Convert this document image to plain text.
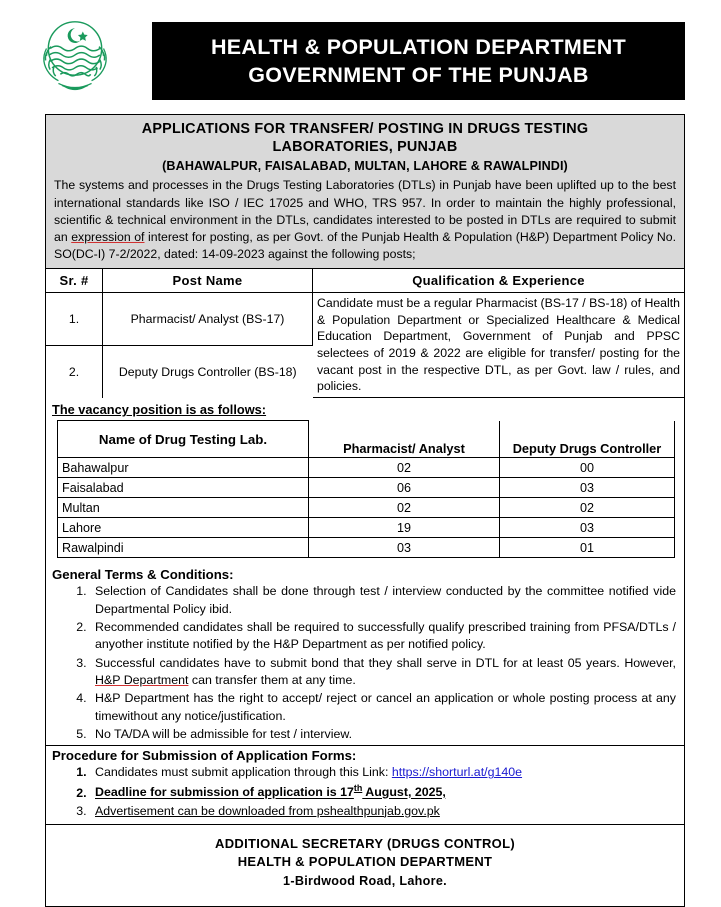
HEALTH & POPULATION DEPARTMENT
GOVERNMENT OF THE PUNJAB
APPLICATIONS FOR TRANSFER/ POSTING IN DRUGS TESTING
LABORATORIES, PUNJAB
(BAHAWALPUR, FAISALABAD, MULTAN, LAHORE & RAWALPINDI)
The systems and processes in the Drugs Testing Laboratories (DTLs) in Punjab have been uplifted up to the best international standards like ISO / IEC 17025 and WHO, TRS 957. In order to maintain the highly professional, scientific & technical environment in the DTLs, candidates interested to be posted in DTLs are required to submit an expression of interest for posting, as per Govt. of the Punjab Health & Population (H&P) Department Policy No. SO(DC-I) 7-2/2022, dated: 14-09-2023 against the following posts;
Sr. #	Post Name	Qualification & Experience
1.	Pharmacist/ Analyst (BS-17)	Candidate must be a regular Pharmacist (BS-17 / BS-18) of Health & Population Department or Specialized Healthcare & Medical Education Department, Government of Punjab and PPSC selectees of 2019 & 2022 are eligible for transfer/ posting for the vacant post in the respective DTL, as per Govt. law / rules, and policies.
2.	Deputy Drugs Controller (BS-18)	
The vacancy position is as follows:
Name of Drug Testing Lab.	Pharmacist/ Analyst	Deputy Drugs Controller
Bahawalpur	02	00
Faisalabad	06	03
Multan	02	02
Lahore	19	03
Rawalpindi	03	01
General Terms & Conditions:
1. Selection of Candidates shall be done through test / interview conducted by the committee notified vide Departmental Policy ibid.
2. Recommended candidates shall be required to successfully qualify prescribed training from PFSA/DTLs / anyother institute notified by the H&P Department as per notified policy.
3. Successful candidates have to submit bond that they shall serve in DTL for at least 05 years. However, H&P Department can transfer them at any time.
4. H&P Department has the right to accept/ reject or cancel an application or whole posting process at any timewithout any notice/justification.
5. No TA/DA will be admissible for test / interview.
Procedure for Submission of Application Forms:
1. Candidates must submit application through this Link: https://shorturl.at/g140e
2. Deadline for submission of application is 17th August, 2025,
3. Advertisement can be downloaded from pshealthpunjab.gov.pk
ADDITIONAL SECRETARY (DRUGS CONTROL)
HEALTH & POPULATION DEPARTMENT
1-Birdwood Road, Lahore.
